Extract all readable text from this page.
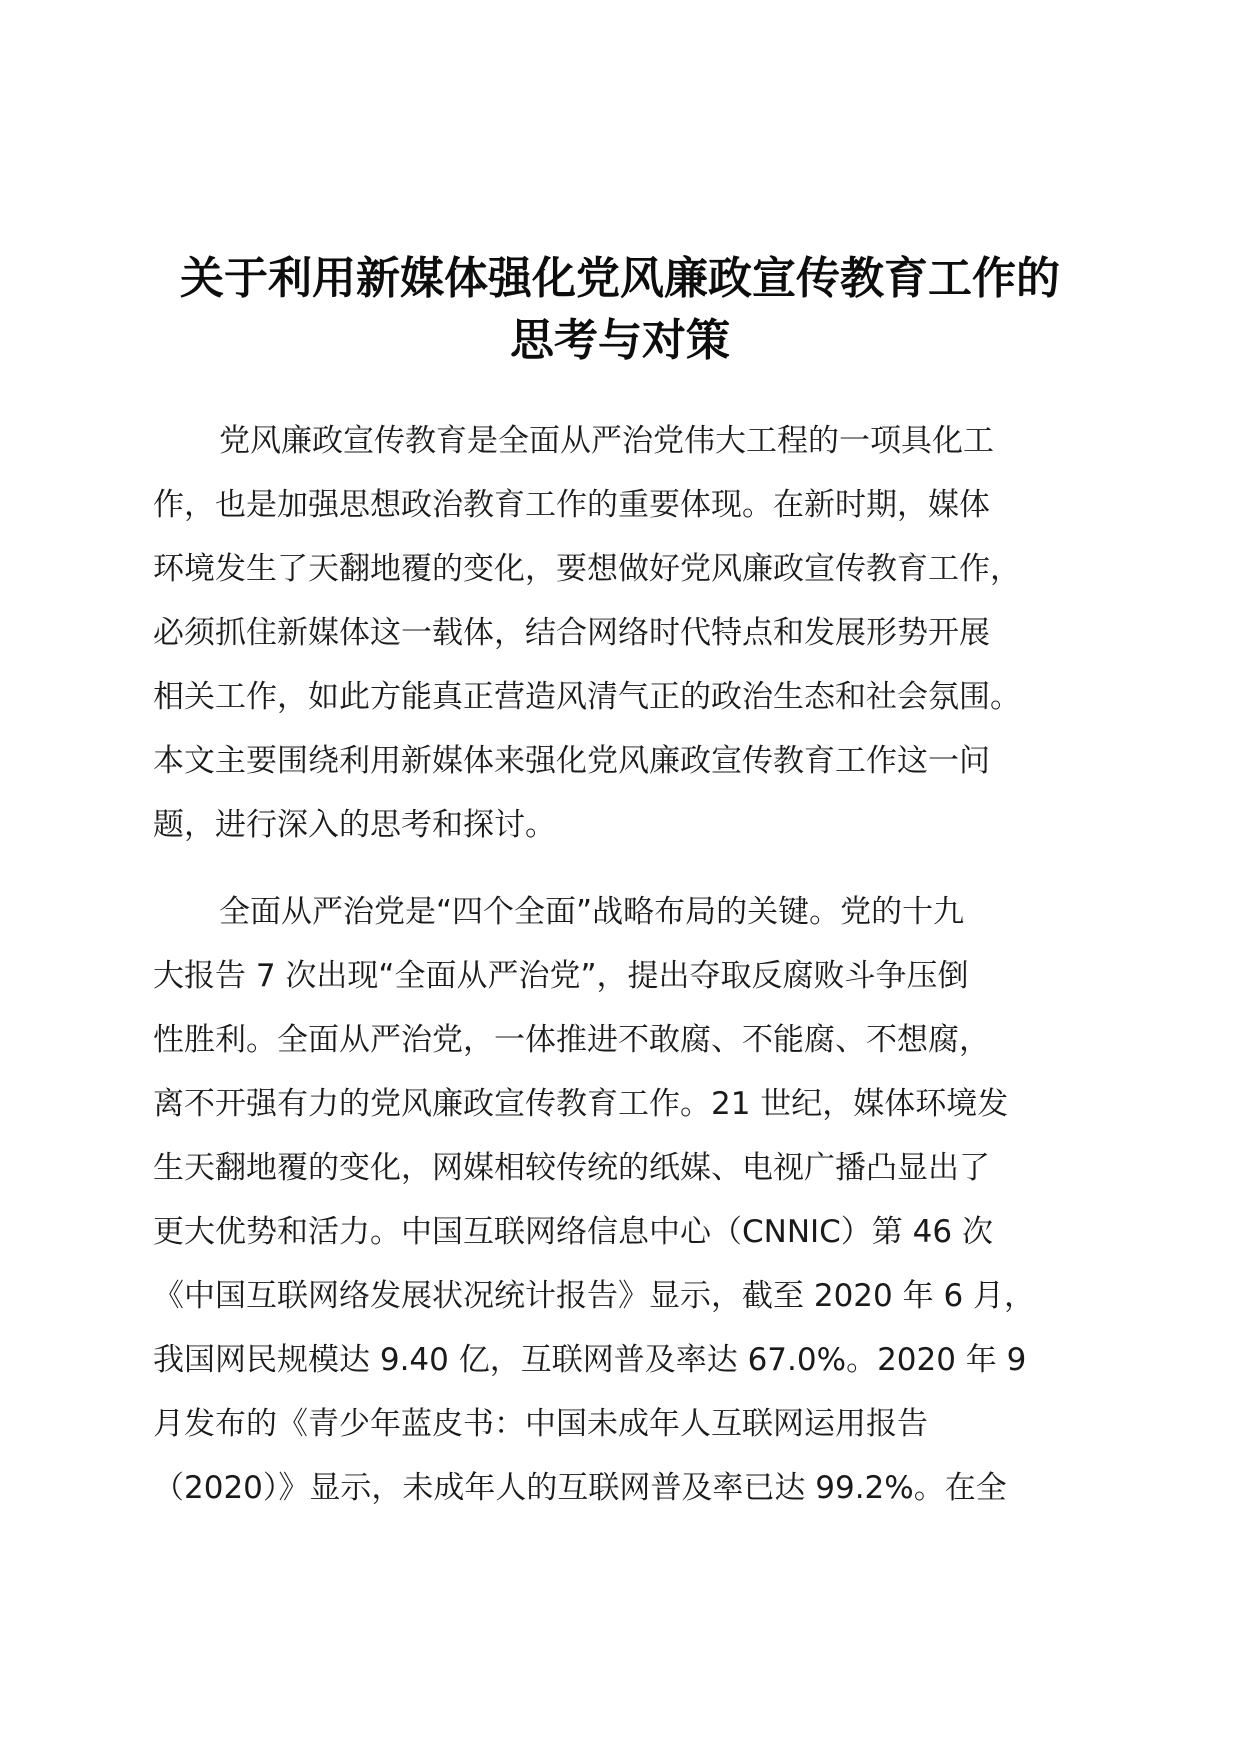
关于利用新媒体强化党风廉政宣传教育工作的
思考与对策
党风廉政宣传教育是全面从严治党伟大工程的一项具化工
作，也是加强思想政治教育工作的重要体现。在新时期，媒体
环境发生了天翻地覆的变化，要想做好党风廉政宣传教育工作，
必须抓住新媒体这一载体，结合网络时代特点和发展形势开展
相关工作，如此方能真正营造风清气正的政治生态和社会氛围。
本文主要围绕利用新媒体来强化党风廉政宣传教育工作这一问
题，进行深入的思考和探讨。
全面从严治党是“四个全面”战略布局的关键。党的十九
大报告 7 次出现“全面从严治党”，提出夺取反腐败斗争压倒
性胜利。全面从严治党，一体推进不敢腐、不能腐、不想腐，
离不开强有力的党风廉政宣传教育工作。21 世纪，媒体环境发
生天翻地覆的变化，网媒相较传统的纸媒、电视广播凸显出了
更大优势和活力。中国互联网络信息中心（CNNIC）第 46 次
《中国互联网络发展状况统计报告》显示，截至 2020 年 6 月，
我国网民规模达 9.40 亿，互联网普及率达 67.0%。2020 年 9
月发布的《青少年蓝皮书：中国未成年人互联网运用报告
（2020）》显示，未成年人的互联网普及率已达 99.2%。在全
